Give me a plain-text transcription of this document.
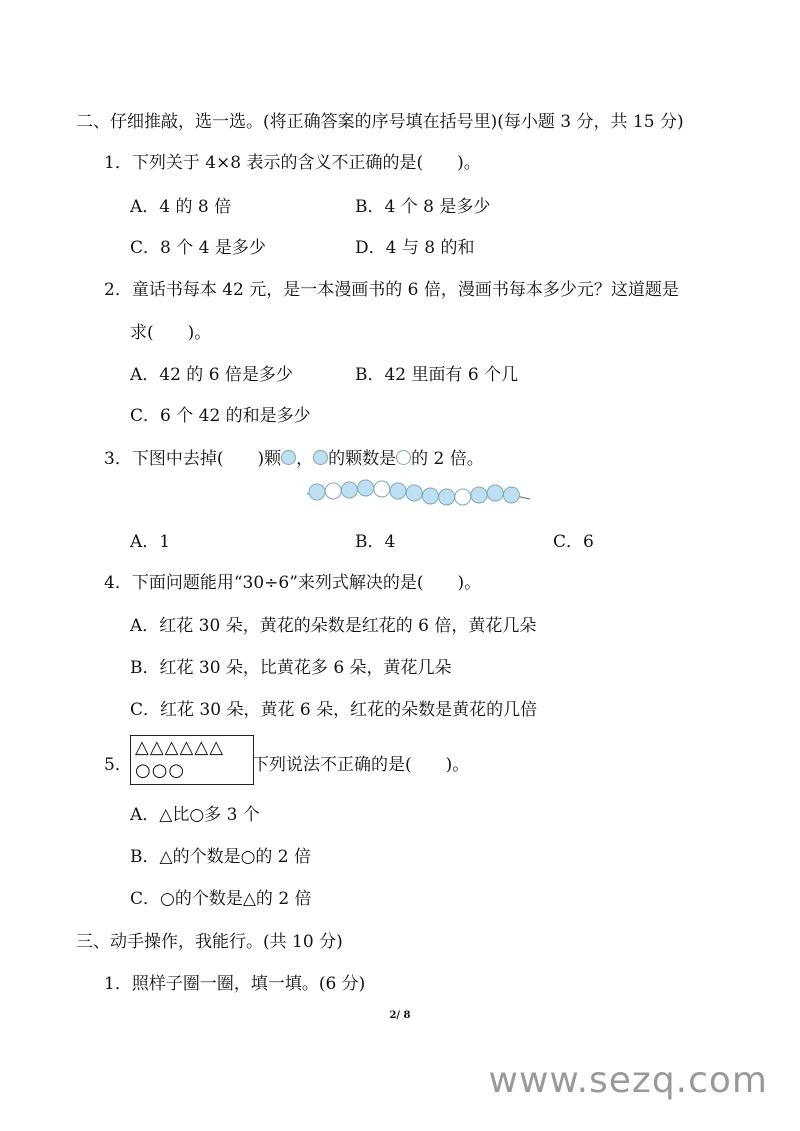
二、仔细推敲，选一选。(将正确答案的序号填在括号里)(每小题 3 分，共 15 分)
1．下列关于 4×8 表示的含义不正确的是(　　)。
A．4 的 8 倍	B．4 个 8 是多少
C．8 个 4 是多少	D．4 与 8 的和
2．童话书每本 42 元，是一本漫画书的 6 倍，漫画书每本多少元？这道题是
求(　　)。
A．42 的 6 倍是多少	B．42 里面有 6 个几
C．6 个 42 的和是多少
3．下图中去掉(　　)颗 ， 的颗数是 的 2 倍。
A．1	B．4	C．6
4．下面问题能用“30÷6”来列式解决的是(　　)。
A．红花 30 朵，黄花的朵数是红花的 6 倍，黄花几朵
B．红花 30 朵，比黄花多 6 朵，黄花几朵
C．红花 30 朵，黄花 6 朵，红花的朵数是黄花的几倍
5．
△△△△△△
○○○	下列说法不正确的是(　　)。
A．△比○多 3 个
B．△的个数是○的 2 倍
C．○的个数是△的 2 倍
三、动手操作，我能行。(共 10 分)
1．照样子圈一圈，填一填。(6 分)
2/ 8
www.sezq.com
